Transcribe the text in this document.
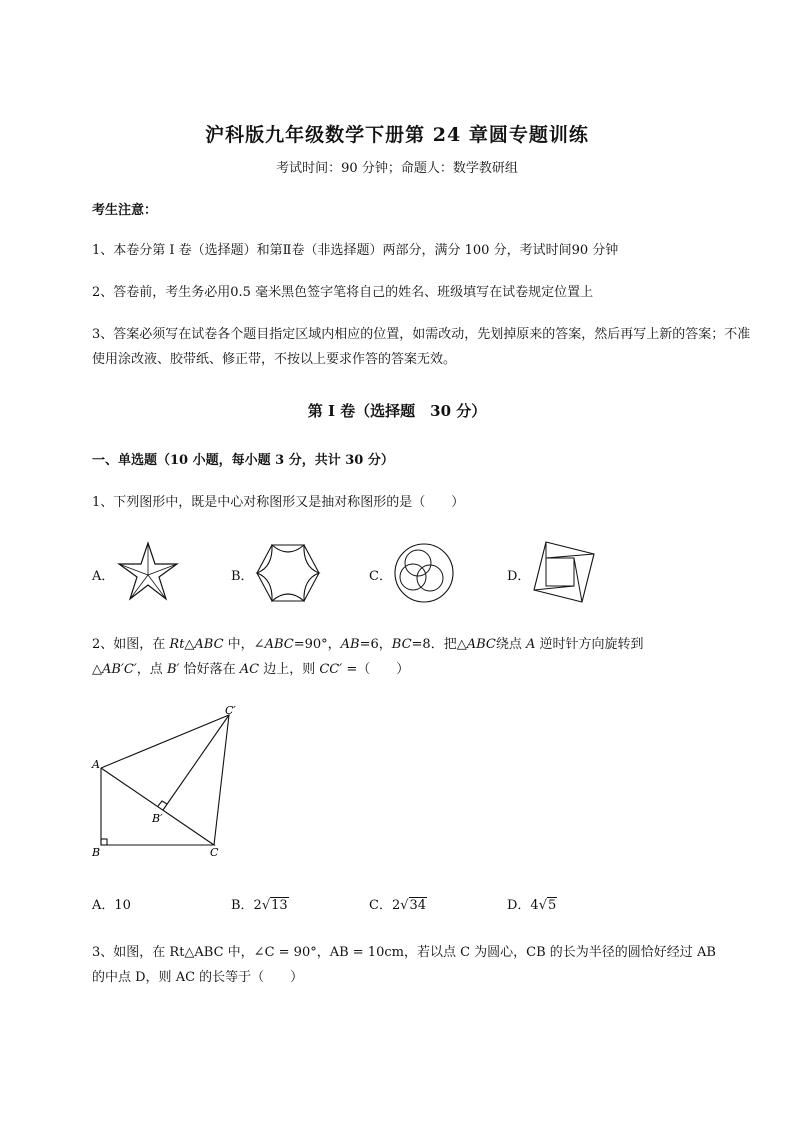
沪科版九年级数学下册第 24 章圆专题训练
考试时间：90 分钟；命题人：数学教研组
考生注意：
1、本卷分第 I 卷（选择题）和第Ⅱ卷（非选择题）两部分，满分 100 分，考试时间90 分钟
2、答卷前，考生务必用0.5 毫米黑色签字笔将自己的姓名、班级填写在试卷规定位置上
3、答案必须写在试卷各个题目指定区域内相应的位置，如需改动，先划掉原来的答案，然后再写上新的答案；不准使用涂改液、胶带纸、修正带，不按以上要求作答的答案无效。
第 I 卷（选择题　30 分）
一、单选题（10 小题，每小题 3 分，共计 30 分）
1、下列图形中，既是中心对称图形又是抽对称图形的是（　　）
A．	B．	C．	D．
2、如图，在 Rt△ABC 中，∠ABC=90°，AB=6，BC=8．把△ABC绕点 A 逆时针方向旋转到
△AB′C′，点 B′ 恰好落在 AC 边上，则 CC′ =（　　）
A
B	C
B′
C′
A．10	B．2√13	C．2√34	D．4√5
3、如图，在 Rt△ABC 中，∠C = 90°，AB = 10cm，若以点 C 为圆心，CB 的长为半径的圆恰好经过 AB
的中点 D，则 AC 的长等于（　　）
